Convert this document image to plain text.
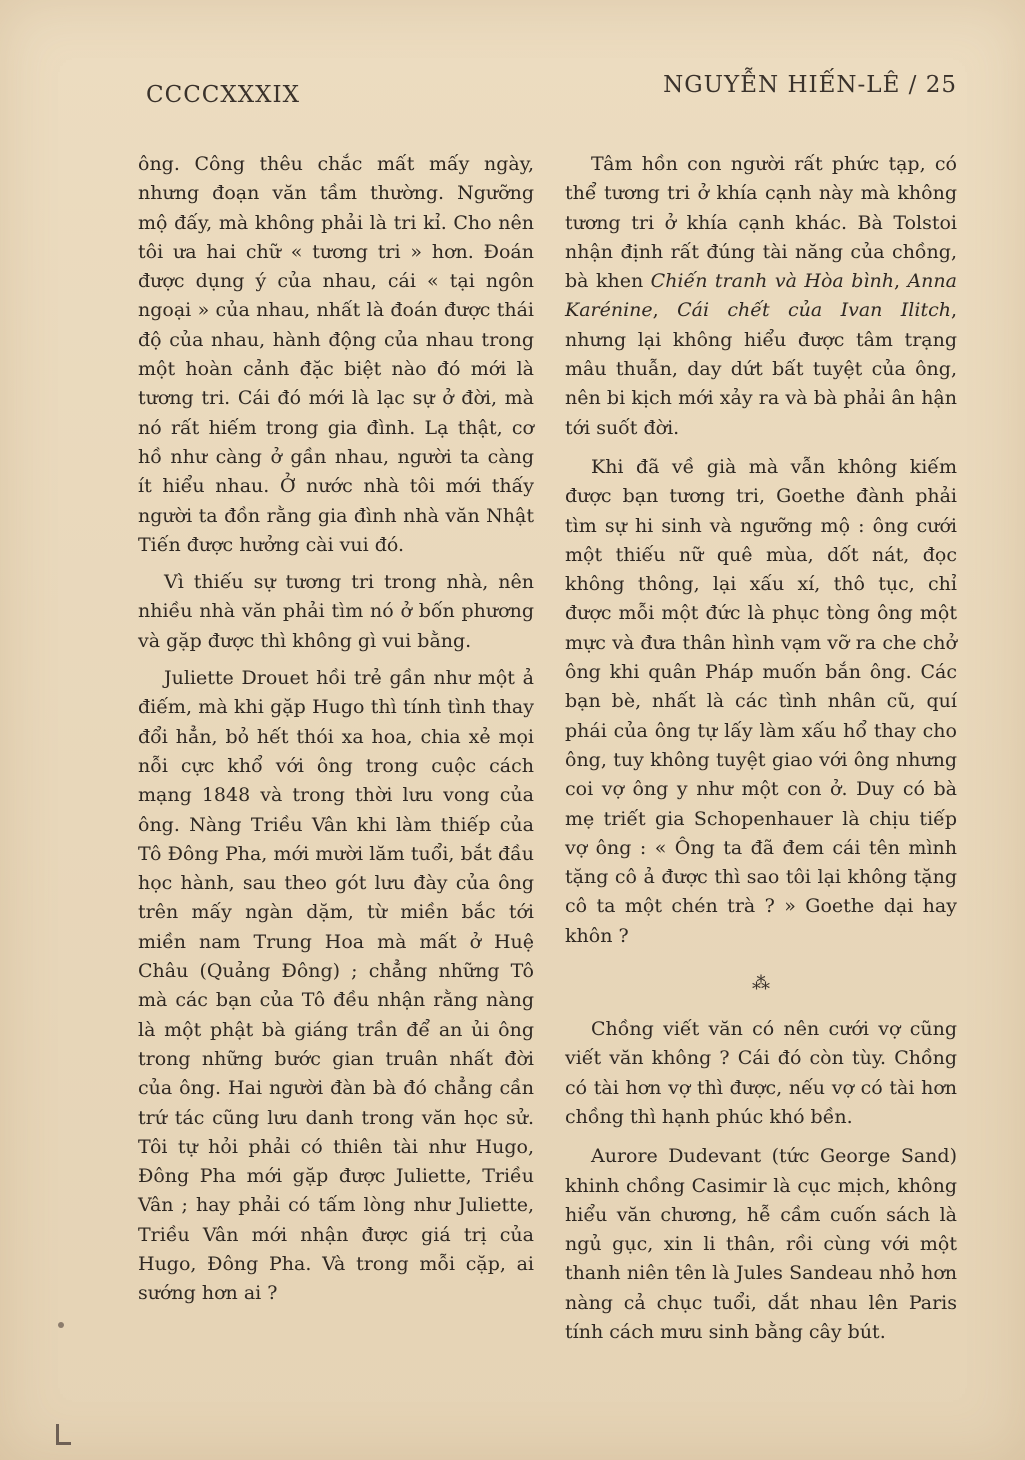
CCCCXXXIX	NGUYỄN HIẾN-LÊ / 25

ông. Công thêu chắc mất mấy ngày, nhưng đoạn văn tầm thường. Ngưỡng mộ đấy, mà không phải là tri kỉ. Cho nên tôi ưa hai chữ « tương tri » hơn. Đoán được dụng ý của nhau, cái « tại ngôn ngoại » của nhau, nhất là đoán được thái độ của nhau, hành động của nhau trong một hoàn cảnh đặc biệt nào đó mới là tương tri. Cái đó mới là lạc sự ở đời, mà nó rất hiếm trong gia đình. Lạ thật, cơ hồ như càng ở gần nhau, người ta càng ít hiểu nhau. Ở nước nhà tôi mới thấy người ta đồn rằng gia đình nhà văn Nhật Tiến được hưởng cài vui đó.

Vì thiếu sự tương tri trong nhà, nên nhiều nhà văn phải tìm nó ở bốn phương và gặp được thì không gì vui bằng.

Juliette Drouet hồi trẻ gần như một ả điếm, mà khi gặp Hugo thì tính tình thay đổi hẳn, bỏ hết thói xa hoa, chia xẻ mọi nỗi cực khổ với ông trong cuộc cách mạng 1848 và trong thời lưu vong của ông. Nàng Triều Vân khi làm thiếp của Tô Đông Pha, mới mười lăm tuổi, bắt đầu học hành, sau theo gót lưu đày của ông trên mấy ngàn dặm, từ miền bắc tới miền nam Trung Hoa mà mất ở Huệ Châu (Quảng Đông) ; chẳng những Tô mà các bạn của Tô đều nhận rằng nàng là một phật bà giáng trần để an ủi ông trong những bước gian truân nhất đời của ông. Hai người đàn bà đó chẳng cần trứ tác cũng lưu danh trong văn học sử. Tôi tự hỏi phải có thiên tài như Hugo, Đông Pha mới gặp được Juliette, Triều Vân ; hay phải có tấm lòng như Juliette, Triều Vân mới nhận được giá trị của Hugo, Đông Pha. Và trong mỗi cặp, ai sướng hơn ai ?

Tâm hồn con người rất phức tạp, có thể tương tri ở khía cạnh này mà không tương tri ở khía cạnh khác. Bà Tolstoi nhận định rất đúng tài năng của chồng, bà khen Chiến tranh và Hòa bình, Anna Karénine, Cái chết của Ivan Ilitch, nhưng lại không hiểu được tâm trạng mâu thuẫn, day dứt bất tuyệt của ông, nên bi kịch mới xảy ra và bà phải ân hận tới suốt đời.

Khi đã về già mà vẫn không kiếm được bạn tương tri, Goethe đành phải tìm sự hi sinh và ngưỡng mộ : ông cưới một thiếu nữ quê mùa, dốt nát, đọc không thông, lại xấu xí, thô tục, chỉ được mỗi một đức là phục tòng ông một mực và đưa thân hình vạm vỡ ra che chở ông khi quân Pháp muốn bắn ông. Các bạn bè, nhất là các tình nhân cũ, quí phái của ông tự lấy làm xấu hổ thay cho ông, tuy không tuyệt giao với ông nhưng coi vợ ông y như một con ở. Duy có bà mẹ triết gia Schopenhauer là chịu tiếp vợ ông : « Ông ta đã đem cái tên mình tặng cô ả được thì sao tôi lại không tặng cô ta một chén trà ? » Goethe dại hay khôn ?

⁂

Chồng viết văn có nên cưới vợ cũng viết văn không ? Cái đó còn tùy. Chồng có tài hơn vợ thì được, nếu vợ có tài hơn chồng thì hạnh phúc khó bền.

Aurore Dudevant (tức George Sand) khinh chồng Casimir là cục mịch, không hiểu văn chương, hễ cầm cuốn sách là ngủ gục, xin li thân, rồi cùng với một thanh niên tên là Jules Sandeau nhỏ hơn nàng cả chục tuổi, dắt nhau lên Paris tính cách mưu sinh bằng cây bút.
